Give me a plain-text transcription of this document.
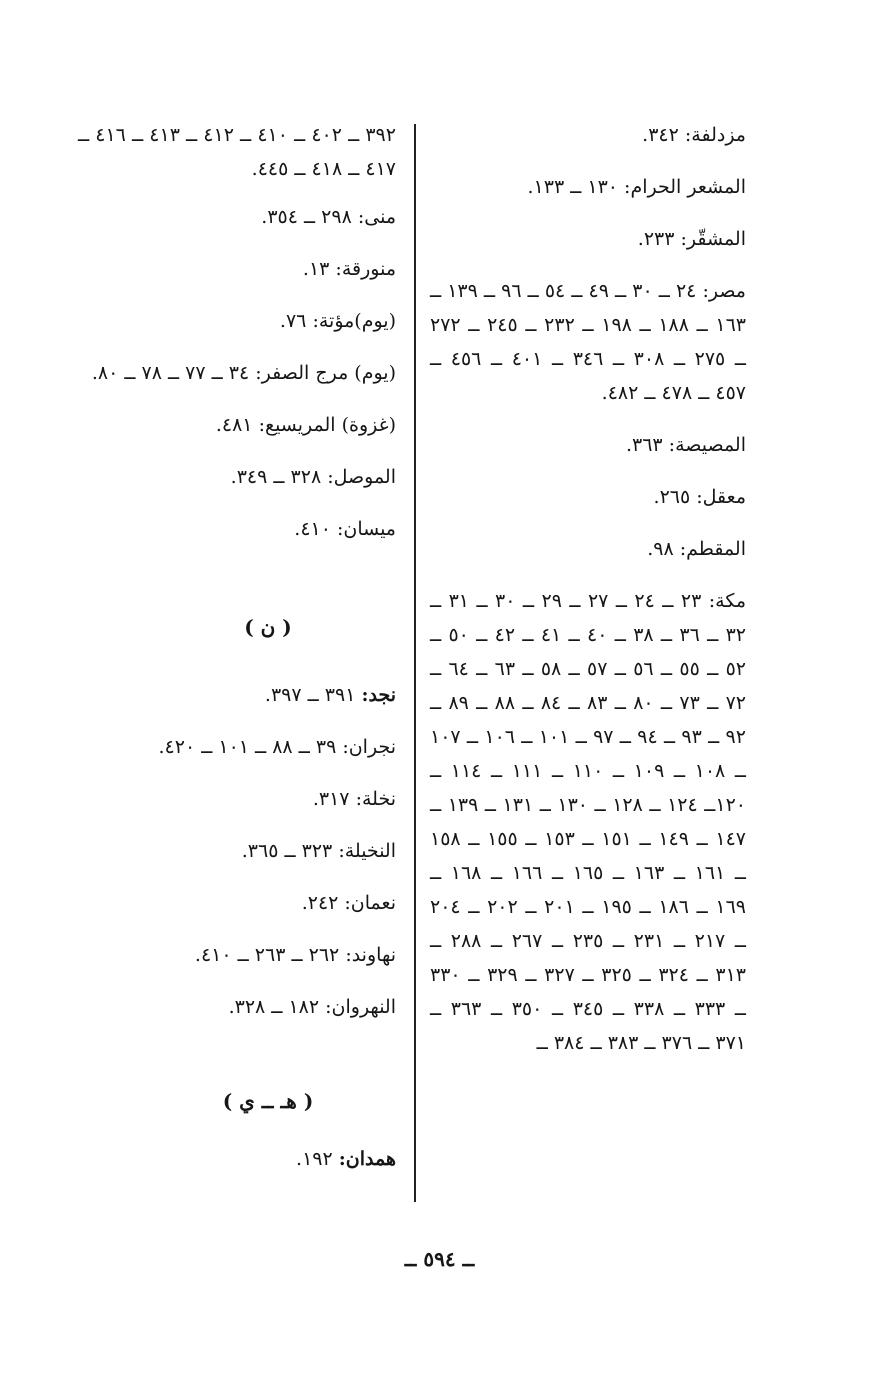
مزدلفة: ٣٤٢.
المشعر الحرام: ١٣٠ ــ ١٣٣.
المشقّر: ٢٣٣.
مصر: ٢٤ ــ ٣٠ ــ ٤٩ ــ ٥٤ ــ ٩٦ ــ ١٣٩ ــ ١٦٣ ــ ١٨٨ ــ ١٩٨ ــ ٢٣٢ ــ ٢٤٥ ــ ٢٧٢ ــ ٢٧٥ ــ ٣٠٨ ــ ٣٤٦ ــ ٤٠١ ــ ٤٥٦ ــ ٤٥٧ ــ ٤٧٨ ــ ٤٨٢.
المصيصة: ٣٦٣.
معقل: ٢٦٥.
المقطم: ٩٨.
مكة: ٢٣ ــ ٢٤ ــ ٢٧ ــ ٢٩ ــ ٣٠ ــ ٣١ ــ ٣٢ ــ ٣٦ ــ ٣٨ ــ ٤٠ ــ ٤١ ــ ٤٢ ــ ٥٠ ــ ٥٢ ــ ٥٥ ــ ٥٦ ــ ٥٧ ــ ٥٨ ــ ٦٣ ــ ٦٤ ــ ٧٢ ــ ٧٣ ــ ٨٠ ــ ٨٣ ــ ٨٤ ــ ٨٨ ــ ٨٩ ــ ٩٢ ــ ٩٣ ــ ٩٤ ــ ٩٧ ــ ١٠١ ــ ١٠٦ ــ ١٠٧ ــ ١٠٨ ــ ١٠٩ ــ ١١٠ ــ ١١١ ــ ١١٤ ــ ١٢٠ــ ١٢٤ ــ ١٢٨ ــ ١٣٠ ــ ١٣١ ــ ١٣٩ ــ ١٤٧ ــ ١٤٩ ــ ١٥١ ــ ١٥٣ ــ ١٥٥ ــ ١٥٨ ــ ١٦١ ــ ١٦٣ ــ ١٦٥ ــ ١٦٦ ــ ١٦٨ ــ ١٦٩ ــ ١٨٦ ــ ١٩٥ ــ ٢٠١ ــ ٢٠٢ ــ ٢٠٤ ــ ٢١٧ ــ ٢٣١ ــ ٢٣٥ ــ ٢٦٧ ــ ٢٨٨ ــ ٣١٣ ــ ٣٢٤ ــ ٣٢٥ ــ ٣٢٧ ــ ٣٢٩ ــ ٣٣٠ ــ ٣٣٣ ــ ٣٣٨ ــ ٣٤٥ ــ ٣٥٠ ــ ٣٦٣ ــ ٣٧١ ــ ٣٧٦ ــ ٣٨٣ ــ ٣٨٤ ــ
٣٩٢ ــ ٤٠٢ ــ ٤١٠ ــ ٤١٢ ــ ٤١٣ ــ ٤١٦ ــ ٤١٧ ــ ٤١٨ ــ ٤٤٥.
منى: ٢٩٨ ــ ٣٥٤.
منورقة: ١٣.
(يوم)مؤتة: ٧٦.
(يوم) مرج الصفر: ٣٤ ــ ٧٧ ــ ٧٨ ــ ٨٠.
(غزوة) المريسيع: ٤٨١.
الموصل: ٣٢٨ ــ ٣٤٩.
ميسان: ٤١٠.
( ن )
نجد: ٣٩١ ــ ٣٩٧.
نجران: ٣٩ ــ ٨٨ ــ ١٠١ ــ ٤٢٠.
نخلة: ٣١٧.
النخيلة: ٣٢٣ ــ ٣٦٥.
نعمان: ٢٤٢.
نهاوند: ٢٦٢ ــ ٢٦٣ ــ ٤١٠.
النهروان: ١٨٢ ــ ٣٢٨.
( هـ ــ ي )
همدان: ١٩٢.
ــ ٥٩٤ ــ
